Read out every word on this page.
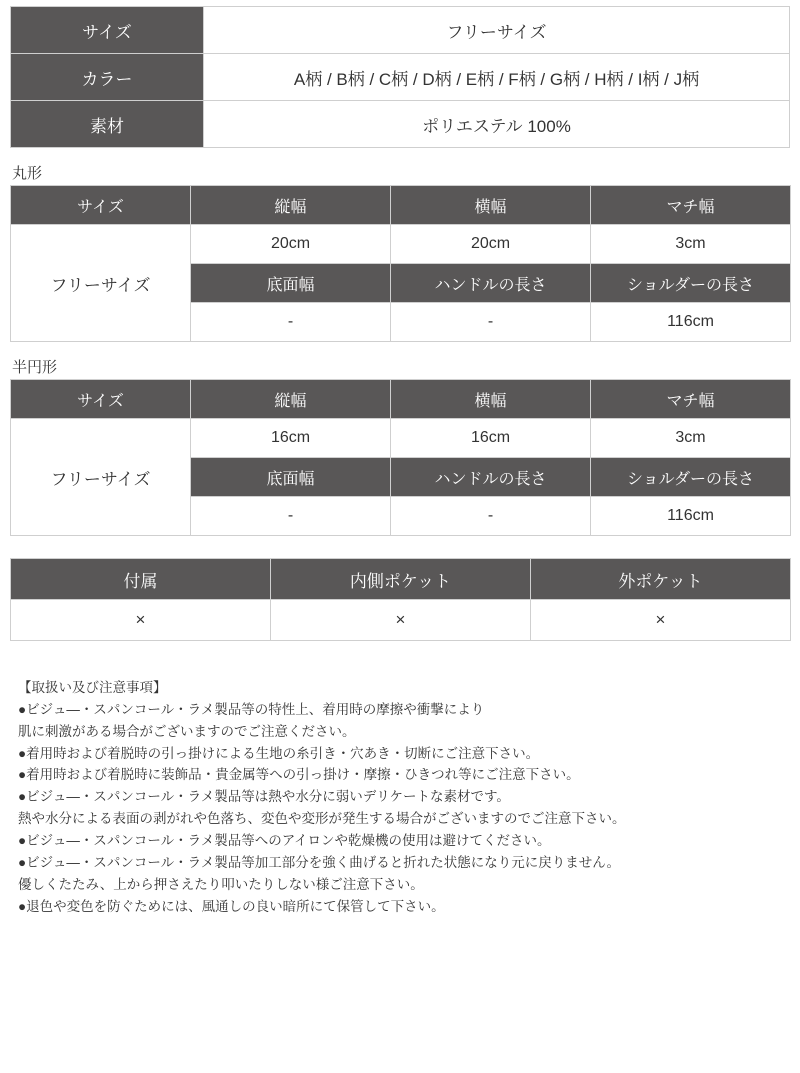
サイズ	フリーサイズ
カラー	A柄 / B柄 / C柄 / D柄 / E柄 / F柄 / G柄 / H柄 / I柄 / J柄
素材	ポリエステル 100%
丸形
サイズ	縦幅	横幅	マチ幅
フリーサイズ	20cm	20cm	3cm
	底面幅	ハンドルの長さ	ショルダーの長さ
	-	-	116cm
半円形
サイズ	縦幅	横幅	マチ幅
フリーサイズ	16cm	16cm	3cm
	底面幅	ハンドルの長さ	ショルダーの長さ
	-	-	116cm
付属	内側ポケット	外ポケット
×	×	×
【取扱い及び注意事項】
●ビジュ―・スパンコール・ラメ製品等の特性上、着用時の摩擦や衝撃により
肌に刺激がある場合がございますのでご注意ください。
●着用時および着脱時の引っ掛けによる生地の糸引き・穴あき・切断にご注意下さい。
●着用時および着脱時に装飾品・貴金属等への引っ掛け・摩擦・ひきつれ等にご注意下さい。
●ビジュ―・スパンコール・ラメ製品等は熱や水分に弱いデリケートな素材です。
熱や水分による表面の剥がれや色落ち、変色や変形が発生する場合がございますのでご注意下さい。
●ビジュ―・スパンコール・ラメ製品等へのアイロンや乾燥機の使用は避けてください。
●ビジュ―・スパンコール・ラメ製品等加工部分を強く曲げると折れた状態になり元に戻りません。
優しくたたみ、上から押さえたり叩いたりしない様ご注意下さい。
●退色や変色を防ぐためには、風通しの良い暗所にて保管して下さい。
